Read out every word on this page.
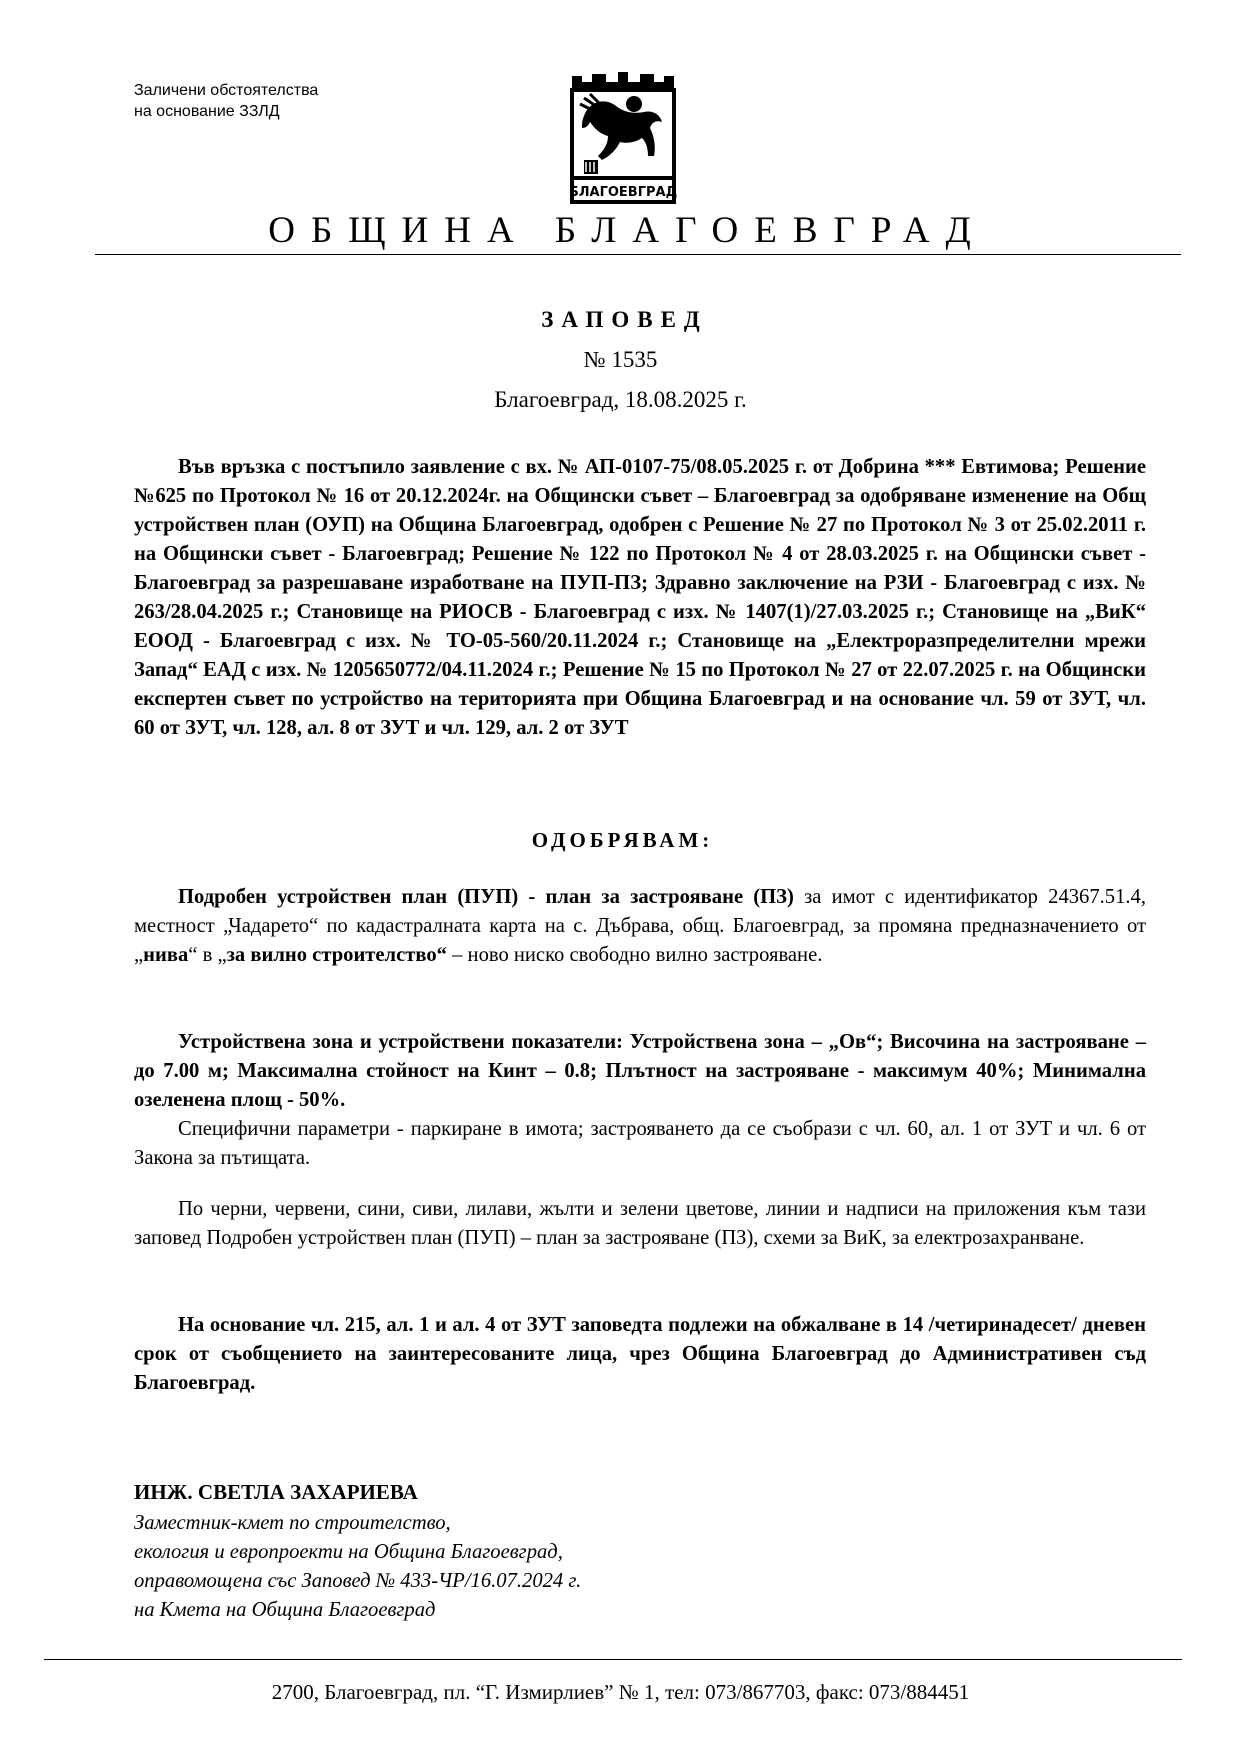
Заличени обстоятелства
на основание ЗЗЛД
БЛАГОЕВГРАД
ОБЩИНА БЛАГОЕВГРАД
ЗАПОВЕД
№ 1535
Благоевград, 18.08.2025 г.

Във връзка с постъпило заявление с вх. № АП-0107-75/08.05.2025 г. от Добрина *** Евтимова; Решение №625 по Протокол № 16 от 20.12.2024г. на Общински съвет – Благоевград за одобряване изменение на Общ устройствен план (ОУП) на Община Благоевград, одобрен с Решение № 27 по Протокол № 3 от 25.02.2011 г. на Общински съвет - Благоевград; Решение № 122 по Протокол № 4 от 28.03.2025 г. на Общински съвет - Благоевград за разрешаване изработване на ПУП-ПЗ; Здравно заключение на РЗИ - Благоевград с изх. № 263/28.04.2025 г.; Становище на РИОСВ - Благоевград с изх. № 1407(1)/27.03.2025 г.; Становище на „ВиК“ ЕООД - Благоевград с изх. № ТО-05-560/20.11.2024 г.; Становище на „Електроразпределителни мрежи Запад“ ЕАД с изх. № 1205650772/04.11.2024 г.; Решение № 15 по Протокол № 27 от 22.07.2025 г. на Общински експертен съвет по устройство на територията при Община Благоевград и на основание чл. 59 от ЗУТ, чл. 60 от ЗУТ, чл. 128, ал. 8 от ЗУТ и чл. 129, ал. 2 от ЗУТ

ОДОБРЯВАМ:

Подробен устройствен план (ПУП) - план за застрояване (ПЗ) за имот с идентификатор 24367.51.4, местност „Чадарето“ по кадастралната карта на с. Дъбрава, общ. Благоевград, за промяна предназначението от „нива“ в „за вилно строителство“ – ново ниско свободно вилно застрояване.

Устройствена зона и устройствени показатели: Устройствена зона – „Ов“; Височина на застрояване – до 7.00 м; Максимална стойност на Кинт – 0.8; Плътност на застрояване - максимум 40%; Минимална озеленена площ - 50%.

Специфични параметри - паркиране в имота; застрояването да се съобрази с чл. 60, ал. 1 от ЗУТ и чл. 6 от Закона за пътищата.

По черни, червени, сини, сиви, лилави, жълти и зелени цветове, линии и надписи на приложения към тази заповед Подробен устройствен план (ПУП) – план за застрояване (ПЗ), схеми за ВиК, за електрозахранване.

На основание чл. 215, ал. 1 и ал. 4 от ЗУТ заповедта подлежи на обжалване в 14 /четиринадесет/ дневен срок от съобщението на заинтересованите лица, чрез Община Благоевград до Административен съд Благоевград.

ИНЖ. СВЕТЛА ЗАХАРИЕВА
Заместник-кмет по строителство,
екология и европроекти на Община Благоевград,
оправомощена със Заповед № 433-ЧР/16.07.2024 г.
на Кмета на Община Благоевград
2700, Благоевград, пл. “Г. Измирлиев” № 1, тел: 073/867703, факс: 073/884451
